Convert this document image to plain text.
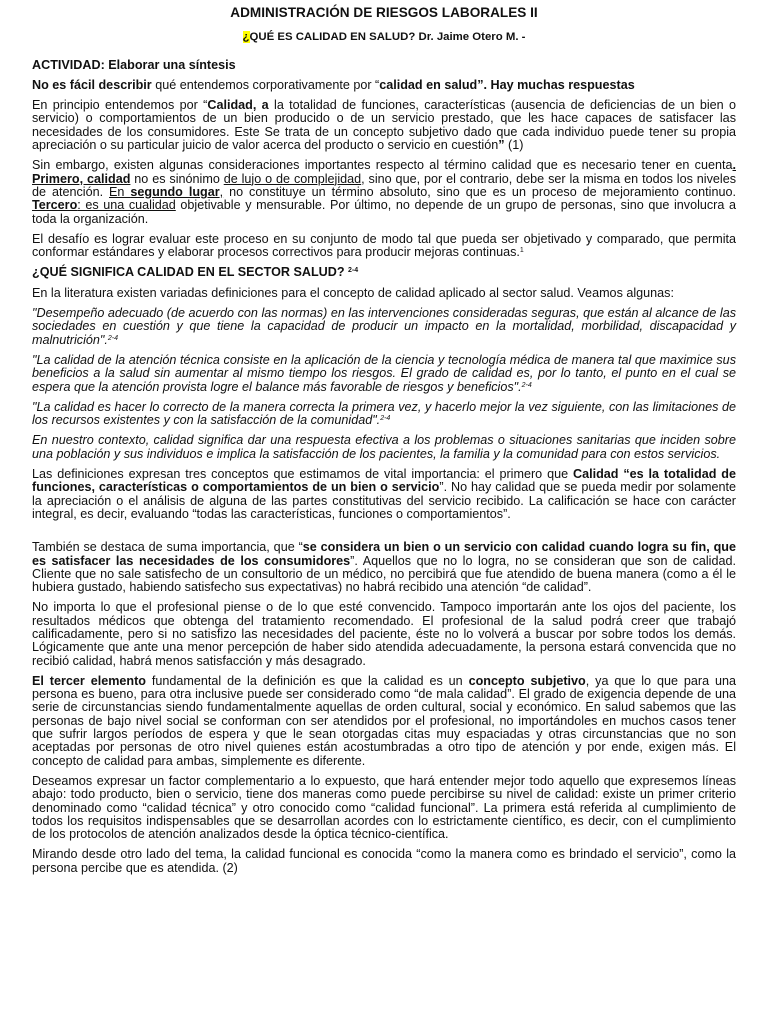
ADMINISTRACIÓN DE RIESGOS LABORALES II
¿QUÉ ES CALIDAD EN SALUD? Dr. Jaime Otero M. -

ACTIVIDAD: Elaborar una síntesis

No es fácil describir qué entendemos corporativamente por “calidad en salud”. Hay muchas respuestas

En principio entendemos por “Calidad, a la totalidad de funciones, características (ausencia de deficiencias de un bien o servicio) o comportamientos de un bien producido o de un servicio prestado, que les hace capaces de satisfacer las necesidades de los consumidores. Este Se trata de un concepto subjetivo dado que cada individuo puede tener su propia apreciación o su particular juicio de valor acerca del producto o servicio en cuestión” (1)

Sin embargo, existen algunas consideraciones importantes respecto al término calidad que es necesario tener en cuenta. Primero, calidad no es sinónimo de lujo o de complejidad, sino que, por el contrario, debe ser la misma en todos los niveles de atención. En segundo lugar, no constituye un término absoluto, sino que es un proceso de mejoramiento continuo. Tercero: es una cualidad objetivable y mensurable. Por último, no depende de un grupo de personas, sino que involucra a toda la organización.

El desafío es lograr evaluar este proceso en su conjunto de modo tal que pueda ser objetivado y comparado, que permita conformar estándares y elaborar procesos correctivos para producir mejoras continuas.$^1$

¿QUÉ SIGNIFICA CALIDAD EN EL SECTOR SALUD? $^{2-4}$

En la literatura existen variadas definiciones para el concepto de calidad aplicado al sector salud. Veamos algunas:

"Desempeño adecuado (de acuerdo con las normas) en las intervenciones consideradas seguras, que están al alcance de las sociedades en cuestión y que tiene la capacidad de producir un impacto en la mortalidad, morbilidad, discapacidad y malnutrición".$^{2-4}$

"La calidad de la atención técnica consiste en la aplicación de la ciencia y tecnología médica de manera tal que maximice sus beneficios a la salud sin aumentar al mismo tiempo los riesgos. El grado de calidad es, por lo tanto, el punto en el cual se espera que la atención provista logre el balance más favorable de riesgos y beneficios".$^{2-4}$

"La calidad es hacer lo correcto de la manera correcta la primera vez, y hacerlo mejor la vez siguiente, con las limitaciones de los recursos existentes y con la satisfacción de la comunidad".$^{2-4}$

En nuestro contexto, calidad significa dar una respuesta efectiva a los problemas o situaciones sanitarias que inciden sobre una población y sus individuos e implica la satisfacción de los pacientes, la familia y la comunidad para con estos servicios.

Las definiciones expresan tres conceptos que estimamos de vital importancia: el primero que Calidad “es la totalidad de funciones, características o comportamientos de un bien o servicio”. No hay calidad que se pueda medir por solamente la apreciación o el análisis de alguna de las partes constitutivas del servicio recibido. La calificación se hace con carácter integral, es decir, evaluando “todas las características, funciones o comportamientos”.

También se destaca de suma importancia, que “se considera un bien o un servicio con calidad cuando logra su fin, que es satisfacer las necesidades de los consumidores”. Aquellos que no lo logra, no se consideran que son de calidad. Cliente que no sale satisfecho de un consultorio de un médico, no percibirá que fue atendido de buena manera (como a él le hubiera gustado, habiendo satisfecho sus expectativas) no habrá recibido una atención “de calidad”.

No importa lo que el profesional piense o de lo que esté convencido. Tampoco importarán ante los ojos del paciente, los resultados médicos que obtenga del tratamiento recomendado. El profesional de la salud podrá creer que trabajó calificadamente, pero si no satisfizo las necesidades del paciente, éste no lo volverá a buscar por sobre todos los demás. Lógicamente que ante una menor percepción de haber sido atendida adecuadamente, la persona estará convencida que no recibió calidad, habrá menos satisfacción y más desagrado.

El tercer elemento fundamental de la definición es que la calidad es un concepto subjetivo, ya que lo que para una persona es bueno, para otra inclusive puede ser considerado como “de mala calidad”. El grado de exigencia depende de una serie de circunstancias siendo fundamentalmente aquellas de orden cultural, social y económico. En salud sabemos que las personas de bajo nivel social se conforman con ser atendidos por el profesional, no importándoles en muchos casos tener que sufrir largos períodos de espera y que le sean otorgadas citas muy espaciadas y otras circunstancias que no son aceptadas por personas de otro nivel quienes están acostumbradas a otro tipo de atención y por ende, exigen más. El concepto de calidad para ambas, simplemente es diferente.

Deseamos expresar un factor complementario a lo expuesto, que hará entender mejor todo aquello que expresemos líneas abajo: todo producto, bien o servicio, tiene dos maneras como puede percibirse su nivel de calidad: existe un primer criterio denominado como “calidad técnica” y otro conocido como “calidad funcional”. La primera está referida al cumplimiento de todos los requisitos indispensables que se desarrollan acordes con lo estrictamente científico, es decir, con el cumplimiento de los protocolos de atención analizados desde la óptica técnico-científica.

Mirando desde otro lado del tema, la calidad funcional es conocida “como la manera como es brindado el servicio”, como la persona percibe que es atendida. (2)
